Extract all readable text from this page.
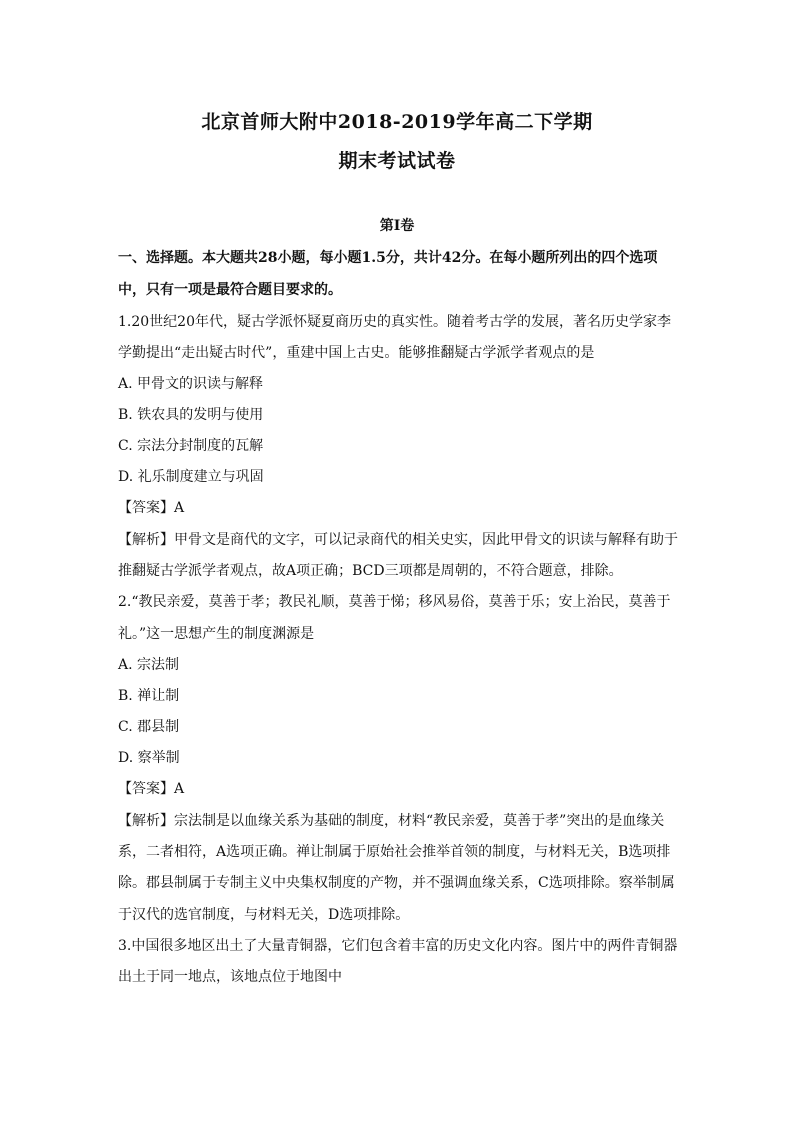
北京首师大附中2018-2019学年高二下学期
期末考试试卷
第Ⅰ卷
一、选择题。本大题共28小题，每小题1.5分，共计42分。在每小题所列出的四个选项
中，只有一项是最符合题目要求的。
1.20世纪20年代，疑古学派怀疑夏商历史的真实性。随着考古学的发展，著名历史学家李
学勤提出“走出疑古时代”，重建中国上古史。能够推翻疑古学派学者观点的是
A. 甲骨文的识读与解释
B. 铁农具的发明与使用
C. 宗法分封制度的瓦解
D. 礼乐制度建立与巩固
【答案】A
【解析】甲骨文是商代的文字，可以记录商代的相关史实，因此甲骨文的识读与解释有助于
推翻疑古学派学者观点，故A项正确；BCD三项都是周朝的，不符合题意，排除。
2.“教民亲爱，莫善于孝；教民礼顺，莫善于悌；移风易俗，莫善于乐；安上治民，莫善于
礼。”这一思想产生的制度渊源是
A. 宗法制
B. 禅让制
C. 郡县制
D. 察举制
【答案】A
【解析】宗法制是以血缘关系为基础的制度，材料“教民亲爱，莫善于孝”突出的是血缘关
系，二者相符，A选项正确。禅让制属于原始社会推举首领的制度，与材料无关，B选项排
除。郡县制属于专制主义中央集权制度的产物，并不强调血缘关系，C选项排除。察举制属
于汉代的选官制度，与材料无关，D选项排除。
3.中国很多地区出土了大量青铜器，它们包含着丰富的历史文化内容。图片中的两件青铜器
出土于同一地点，该地点位于地图中
